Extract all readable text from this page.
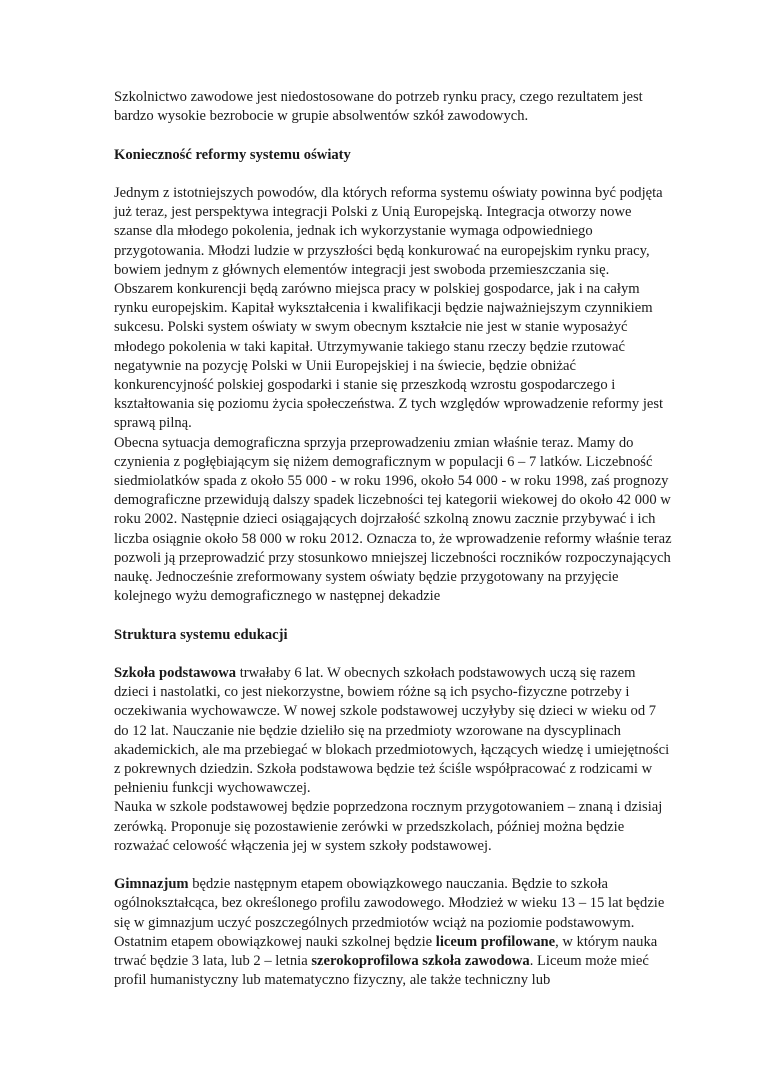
Szkolnictwo zawodowe jest niedostosowane do potrzeb rynku pracy, czego rezultatem jest bardzo wysokie bezrobocie w grupie absolwentów szkół zawodowych.

Konieczność reformy systemu oświaty

Jednym z istotniejszych powodów, dla których reforma systemu oświaty powinna być podjęta już teraz, jest perspektywa integracji Polski z Unią Europejską. Integracja otworzy nowe szanse dla młodego pokolenia, jednak ich wykorzystanie wymaga odpowiedniego przygotowania. Młodzi ludzie w przyszłości będą konkurować na europejskim rynku pracy, bowiem jednym z głównych elementów integracji jest swoboda przemieszczania się. Obszarem konkurencji będą zarówno miejsca pracy w polskiej gospodarce, jak i na całym rynku europejskim. Kapitał wykształcenia i kwalifikacji będzie najważniejszym czynnikiem sukcesu. Polski system oświaty w swym obecnym kształcie nie jest w stanie wyposażyć młodego pokolenia w taki kapitał. Utrzymywanie takiego stanu rzeczy będzie rzutować negatywnie na pozycję Polski w Unii Europejskiej i na świecie, będzie obniżać konkurencyjność polskiej gospodarki i stanie się przeszkodą wzrostu gospodarczego i kształtowania się poziomu życia społeczeństwa. Z tych względów wprowadzenie reformy jest sprawą pilną.

Obecna sytuacja demograficzna sprzyja przeprowadzeniu zmian właśnie teraz. Mamy do czynienia z pogłębiającym się niżem demograficznym w populacji 6 – 7 latków. Liczebność siedmiolatków spada z około 55 000 - w roku 1996, około 54 000 - w roku 1998, zaś prognozy demograficzne przewidują dalszy spadek liczebności tej kategorii wiekowej do około 42 000 w roku 2002. Następnie dzieci osiągających dojrzałość szkolną znowu zacznie przybywać i ich liczba osiągnie około 58 000 w roku 2012. Oznacza to, że wprowadzenie reformy właśnie teraz pozwoli ją przeprowadzić przy stosunkowo mniejszej liczebności roczników rozpoczynających naukę. Jednocześnie zreformowany system oświaty będzie przygotowany na przyjęcie kolejnego wyżu demograficznego w następnej dekadzie

Struktura systemu edukacji

Szkoła podstawowa trwałaby 6 lat. W obecnych szkołach podstawowych uczą się razem dzieci i nastolatki, co jest niekorzystne, bowiem różne są ich psycho-fizyczne potrzeby i oczekiwania wychowawcze. W nowej szkole podstawowej uczyłyby się dzieci w wieku od 7 do 12 lat. Nauczanie nie będzie dzieliło się na przedmioty wzorowane na dyscyplinach akademickich, ale ma przebiegać w blokach przedmiotowych, łączących wiedzę i umiejętności z pokrewnych dziedzin. Szkoła podstawowa będzie też ściśle współpracować z rodzicami w pełnieniu funkcji wychowawczej.

Nauka w szkole podstawowej będzie poprzedzona rocznym przygotowaniem – znaną i dzisiaj zerówką. Proponuje się pozostawienie zerówki w przedszkolach, później można będzie rozważać celowość włączenia jej w system szkoły podstawowej.

Gimnazjum będzie następnym etapem obowiązkowego nauczania. Będzie to szkoła ogólnokształcąca, bez określonego profilu zawodowego. Młodzież w wieku 13 – 15 lat będzie się w gimnazjum uczyć poszczególnych przedmiotów wciąż na poziomie podstawowym.

Ostatnim etapem obowiązkowej nauki szkolnej będzie liceum profilowane, w którym nauka trwać będzie 3 lata, lub 2 – letnia szerokoprofilowa szkoła zawodowa. Liceum może mieć profil humanistyczny lub matematyczno fizyczny, ale także techniczny lub
